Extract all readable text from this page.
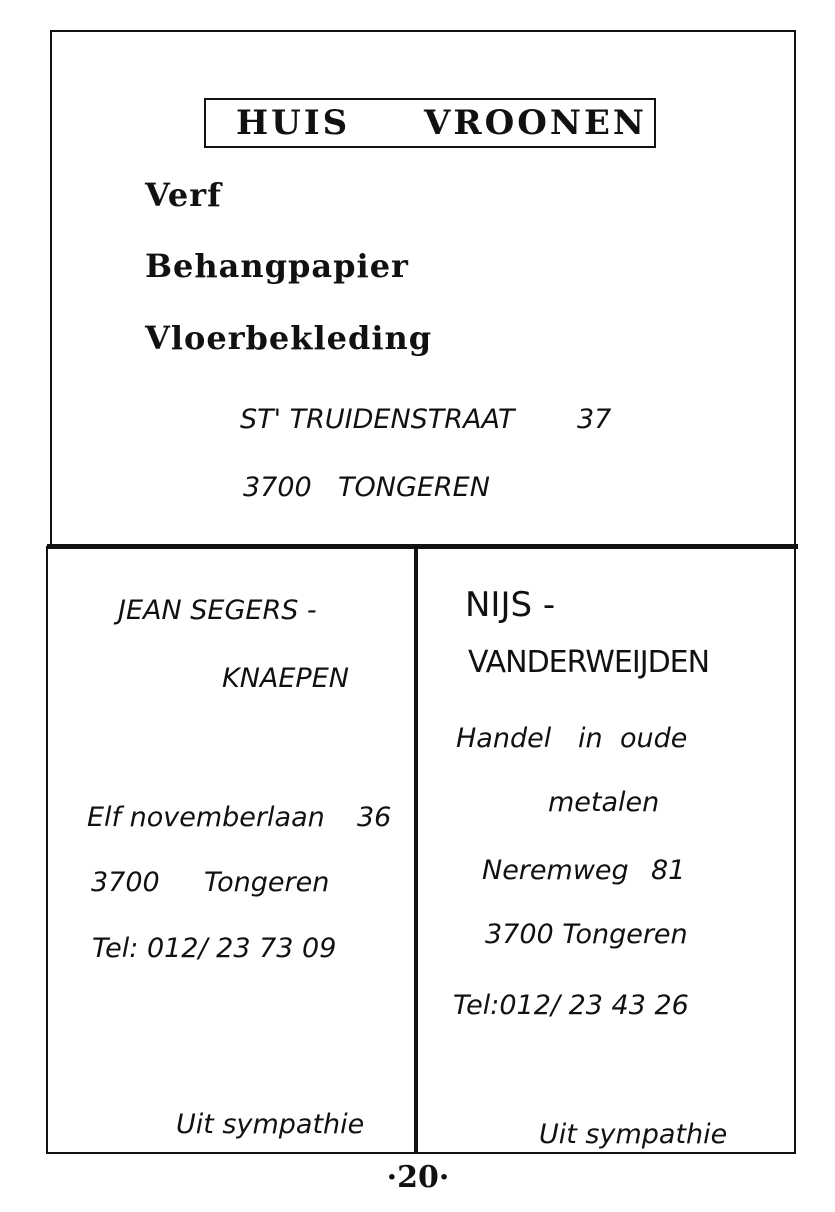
HUIS VROONEN
Verf
Behangpapier
Vloerbekleding
ST' TRUIDENSTRAAT 37
3700 TONGEREN
JEAN SEGERS -
KNAEPEN
Elf novemberlaan 36
3700 Tongeren
Tel: 012/ 23 73 09
Uit sympathie
NIJS -
VANDERWEIJDEN
Handel in oude
metalen
Neremweg 81
3700 Tongeren
Tel:012/ 23 43 26
Uit sympathie
·20·
